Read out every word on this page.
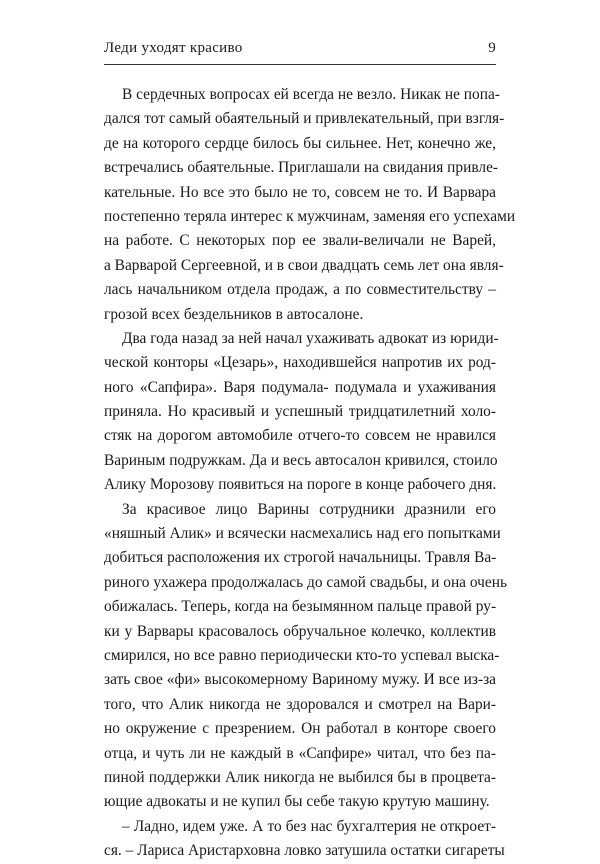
Леди уходят красиво	9
В сердечных вопросах ей всегда не везло. Никак не попа-
дался тот самый обаятельный и привлекательный, при взгля-
де на которого сердце билось бы сильнее. Нет, конечно же,
встречались обаятельные. Приглашали на свидания привле-
кательные. Но все это было не то, совсем не то. И Варвара
постепенно теряла интерес к мужчинам, заменяя его успехами
на работе. С некоторых пор ее звали-величали не Варей,
а Варварой Сергеевной, и в свои двадцать семь лет она явля-
лась начальником отдела продаж, а по совместительству –
грозой всех бездельников в автосалоне.
Два года назад за ней начал ухаживать адвокат из юриди-
ческой конторы «Цезарь», находившейся напротив их род-
ного «Сапфира». Варя подумала- подумала и ухаживания
приняла. Но красивый и успешный тридцатилетний холо-
стяк на дорогом автомобиле отчего-то совсем не нравился
Вариным подружкам. Да и весь автосалон кривился, стоило
Алику Морозову появиться на пороге в конце рабочего дня.
За красивое лицо Варины сотрудники дразнили его
«няшный Алик» и всячески насмехались над его попытками
добиться расположения их строгой начальницы. Травля Ва-
риного ухажера продолжалась до самой свадьбы, и она очень
обижалась. Теперь, когда на безымянном пальце правой ру-
ки у Варвары красовалось обручальное колечко, коллектив
смирился, но все равно периодически кто-то успевал выска-
зать свое «фи» высокомерному Вариному мужу. И все из-за
того, что Алик никогда не здоровался и смотрел на Вари-
но окружение с презрением. Он работал в конторе своего
отца, и чуть ли не каждый в «Сапфире» читал, что без па-
пиной поддержки Алик никогда не выбился бы в процвета-
ющие адвокаты и не купил бы себе такую крутую машину.
– Ладно, идем уже. А то без нас бухгалтерия не откроет-
ся. – Лариса Аристарховна ловко затушила остатки сигареты
